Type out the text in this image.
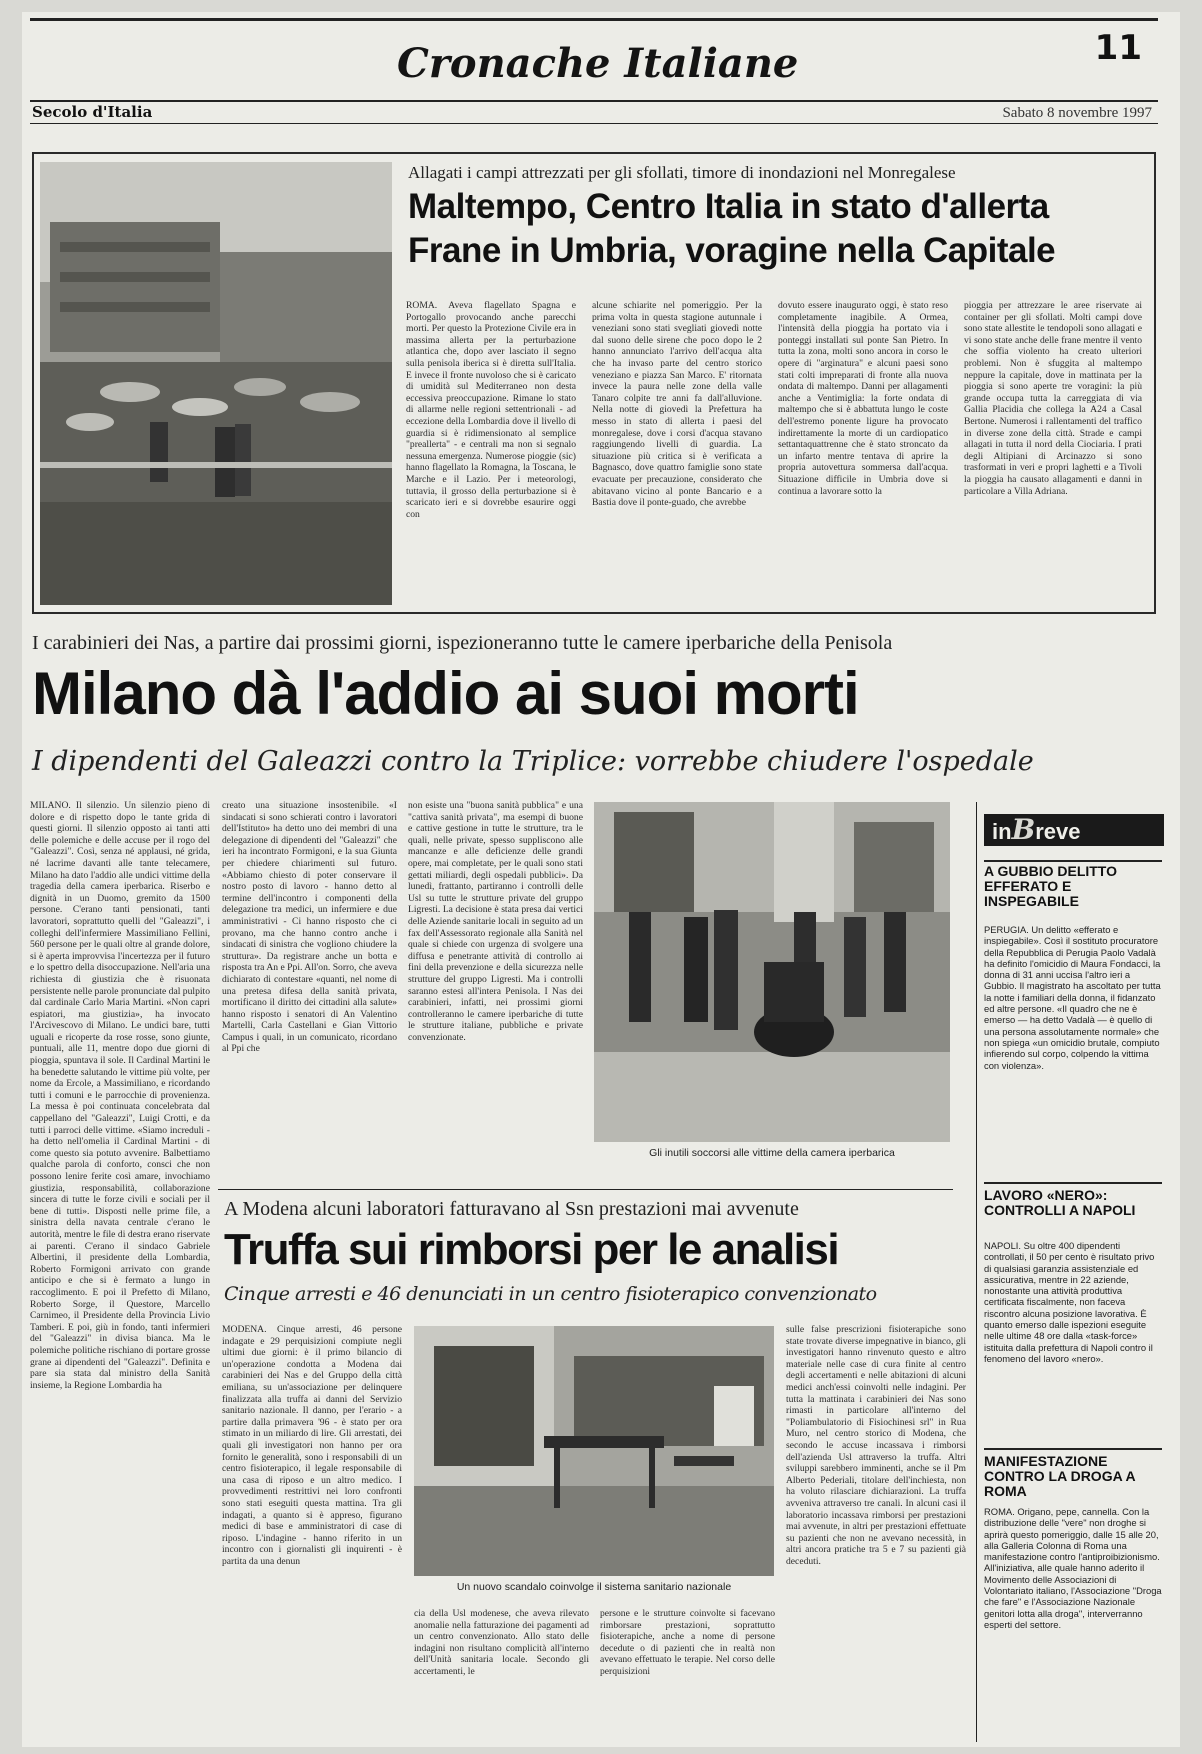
Cronache Italiane	11
Secolo d'Italia	Sabato 8 novembre 1997
Allagati i campi attrezzati per gli sfollati, timore di inondazioni nel Monregalese
Maltempo, Centro Italia in stato d'allerta
Frane in Umbria, voragine nella Capitale
ROMA. Aveva flagellato Spagna e Portogallo provocando anche parecchi morti. Per questo la Protezione Civile era in massima allerta per la perturbazione atlantica che, dopo aver lasciato il segno sulla penisola iberica si è diretta sull'Italia. E invece il fronte nuvoloso che si è caricato di umidità sul Mediterraneo non desta eccessiva preoccupazione. Rimane lo stato di allarme nelle regioni settentrionali - ad eccezione della Lombardia dove il livello di guardia si è ridimensionato al semplice "preallerta" - e centrali ma non si segnalo nessuna emergenza. Numerose pioggie (sic) hanno flagellato la Romagna, la Toscana, le Marche e il Lazio. Per i meteorologi, tuttavia, il grosso della perturbazione si è scaricato ieri e si dovrebbe esaurire oggi con
alcune schiarite nel pomeriggio. Per la prima volta in questa stagione autunnale i veneziani sono stati svegliati giovedì notte dal suono delle sirene che poco dopo le 2 hanno annunciato l'arrivo dell'acqua alta che ha invaso parte del centro storico veneziano e piazza San Marco. E' ritornata invece la paura nelle zone della valle Tanaro colpite tre anni fa dall'alluvione. Nella notte di giovedì la Prefettura ha messo in stato di allerta i paesi del monregalese, dove i corsi d'acqua stavano raggiungendo livelli di guardia. La situazione più critica si è verificata a Bagnasco, dove quattro famiglie sono state evacuate per precauzione, considerato che abitavano vicino al ponte Bancario e a Bastia dove il ponte-guado, che avrebbe
dovuto essere inaugurato oggi, è stato reso completamente inagibile. A Ormea, l'intensità della pioggia ha portato via i ponteggi installati sul ponte San Pietro. In tutta la zona, molti sono ancora in corso le opere di "arginatura" e alcuni paesi sono stati colti impreparati di fronte alla nuova ondata di maltempo. Danni per allagamenti anche a Ventimiglia: la forte ondata di maltempo che si è abbattuta lungo le coste dell'estremo ponente ligure ha provocato indirettamente la morte di un cardiopatico settantaquattrenne che è stato stroncato da un infarto mentre tentava di aprire la propria autovettura sommersa dall'acqua. Situazione difficile in Umbria dove si continua a lavorare sotto la
pioggia per attrezzare le aree riservate ai container per gli sfollati. Molti campi dove sono state allestite le tendopoli sono allagati e vi sono state anche delle frane mentre il vento che soffia violento ha creato ulteriori problemi. Non è sfuggita al maltempo neppure la capitale, dove in mattinata per la pioggia si sono aperte tre voragini: la più grande occupa tutta la carreggiata di via Gallia Placidia che collega la A24 a Casal Bertone. Numerosi i rallentamenti del traffico in diverse zone della città. Strade e campi allagati in tutta il nord della Ciociaria. I prati degli Altipiani di Arcinazzo si sono trasformati in veri e propri laghetti e a Tivoli la pioggia ha causato allagamenti e danni in particolare a Villa Adriana.
I carabinieri dei Nas, a partire dai prossimi giorni, ispezioneranno tutte le camere iperbariche della Penisola
Milano dà l'addio ai suoi morti
I dipendenti del Galeazzi contro la Triplice: vorrebbe chiudere l'ospedale
MILANO. Il silenzio. Un silenzio pieno di dolore e di rispetto dopo le tante grida di questi giorni. Il silenzio opposto ai tanti atti delle polemiche e delle accuse per il rogo del "Galeazzi". Così, senza né applausi, né grida, né lacrime davanti alle tante telecamere, Milano ha dato l'addio alle undici vittime della tragedia della camera iperbarica. Riserbo e dignità in un Duomo, gremito da 1500 persone. C'erano tanti pensionati, tanti lavoratori, soprattutto quelli del "Galeazzi", i colleghi dell'infermiere Massimiliano Fellini, 560 persone per le quali oltre al grande dolore, si è aperta improvvisa l'incertezza per il futuro e lo spettro della disoccupazione. Nell'aria una richiesta di giustizia che è risuonata persistente nelle parole pronunciate dal pulpito dal cardinale Carlo Maria Martini. «Non capri espiatori, ma giustizia», ha invocato l'Arcivescovo di Milano. Le undici bare, tutti uguali e ricoperte da rose rosse, sono giunte, puntuali, alle 11, mentre dopo due giorni di pioggia, spuntava il sole. Il Cardinal Martini le ha benedette salutando le vittime più volte, per nome da Ercole, a Massimiliano, e ricordando tutti i comuni e le parrocchie di provenienza. La messa è poi continuata concelebrata dal cappellano del "Galeazzi", Luigi Crotti, e da tutti i parroci delle vittime. «Siamo increduli - ha detto nell'omelia il Cardinal Martini - di come questo sia potuto avvenire. Balbettiamo qualche parola di conforto, consci che non possono lenire ferite così amare, invochiamo giustizia, responsabilità, collaborazione sincera di tutte le forze civili e sociali per il bene di tutti». Disposti nelle prime file, a sinistra della navata centrale c'erano le autorità, mentre le file di destra erano riservate ai parenti. C'erano il sindaco Gabriele Albertini, il presidente della Lombardia, Roberto Formigoni arrivato con grande anticipo e che si è fermato a lungo in raccoglimento. E poi il Prefetto di Milano, Roberto Sorge, il Questore, Marcello Carnimeo, il Presidente della Provincia Livio Tamberi. E poi, giù in fondo, tanti infermieri del "Galeazzi" in divisa bianca. Ma le polemiche politiche rischiano di portare grosse grane ai dipendenti del "Galeazzi". Definita e pare sia stata dal ministro della Sanità insieme, la Regione Lombardia ha
creato una situazione insostenibile. «I sindacati si sono schierati contro i lavoratori dell'Istituto» ha detto uno dei membri di una delegazione di dipendenti del "Galeazzi" che ieri ha incontrato Formigoni, e la sua Giunta per chiedere chiarimenti sul futuro. «Abbiamo chiesto di poter conservare il nostro posto di lavoro - hanno detto al termine dell'incontro i componenti della delegazione tra medici, un infermiere e due amministrativi - Ci hanno risposto che ci provano, ma che hanno contro anche i sindacati di sinistra che vogliono chiudere la struttura». Da registrare anche un botta e risposta tra An e Ppi. All'on. Sorro, che aveva dichiarato di contestare «quanti, nel nome di una pretesa difesa della sanità privata, mortificano il diritto dei cittadini alla salute» hanno risposto i senatori di An Valentino Martelli, Carla Castellani e Gian Vittorio Campus i quali, in un comunicato, ricordano al Ppi che
non esiste una "buona sanità pubblica" e una "cattiva sanità privata", ma esempi di buone e cattive gestione in tutte le strutture, tra le quali, nelle private, spesso suppliscono alle mancanze e alle deficienze delle grandi opere, mai completate, per le quali sono stati gettati miliardi, degli ospedali pubblici». Da lunedì, frattanto, partiranno i controlli delle Usl su tutte le strutture private del gruppo Ligresti. La decisione è stata presa dai vertici delle Aziende sanitarie locali in seguito ad un fax dell'Assessorato regionale alla Sanità nel quale si chiede con urgenza di svolgere una diffusa e penetrante attività di controllo ai fini della prevenzione e della sicurezza nelle strutture del gruppo Ligresti. Ma i controlli saranno estesi all'intera Penisola. I Nas dei carabinieri, infatti, nei prossimi giorni controlleranno le camere iperbariche di tutte le strutture italiane, pubbliche e private convenzionate.
Gli inutili soccorsi alle vittime della camera iperbarica
inBreve

A GUBBIO DELITTO EFFERATO E INSPEGABILE

PERUGIA. Un delitto «efferato e inspiegabile». Così il sostituto procuratore della Repubblica di Perugia Paolo Vadalà ha definito l'omicidio di Maura Fondacci, la donna di 31 anni uccisa l'altro ieri a Gubbio. Il magistrato ha ascoltato per tutta la notte i familiari della donna, il fidanzato ed altre persone. «Il quadro che ne è emerso — ha detto Vadalà — è quello di una persona assolutamente normale» che non spiega «un omicidio brutale, compiuto infierendo sul corpo, colpendo la vittima con violenza».

LAVORO «NERO»: CONTROLLI A NAPOLI

NAPOLI. Su oltre 400 dipendenti controllati, il 50 per cento è risultato privo di qualsiasi garanzia assistenziale ed assicurativa, mentre in 22 aziende, nonostante una attività produttiva certificata fiscalmente, non faceva riscontro alcuna posizione lavorativa. È quanto emerso dalle ispezioni eseguite nelle ultime 48 ore dalla «task-force» istituita dalla prefettura di Napoli contro il fenomeno del lavoro «nero».

MANIFESTAZIONE CONTRO LA DROGA A ROMA

ROMA. Origano, pepe, cannella. Con la distribuzione delle "vere" non droghe si aprirà questo pomeriggio, dalle 15 alle 20, alla Galleria Colonna di Roma una manifestazione contro l'antiproibizionismo. All'iniziativa, alle quale hanno aderito il Movimento delle Associazioni di Volontariato italiano, l'Associazione "Droga che fare" e l'Associazione Nazionale genitori lotta alla droga", interverranno esperti del settore.
A Modena alcuni laboratori fatturavano al Ssn prestazioni mai avvenute
Truffa sui rimborsi per le analisi
Cinque arresti e 46 denunciati in un centro fisioterapico convenzionato
MODENA. Cinque arresti, 46 persone indagate e 29 perquisizioni compiute negli ultimi due giorni: è il primo bilancio di un'operazione condotta a Modena dai carabinieri dei Nas e del Gruppo della città emiliana, su un'associazione per delinquere finalizzata alla truffa ai danni del Servizio sanitario nazionale. Il danno, per l'erario - a partire dalla primavera '96 - è stato per ora stimato in un miliardo di lire. Gli arrestati, dei quali gli investigatori non hanno per ora fornito le generalità, sono i responsabili di un centro fisioterapico, il legale responsabile di una casa di riposo e un altro medico. I provvedimenti restrittivi nei loro confronti sono stati eseguiti questa mattina. Tra gli indagati, a quanto si è appreso, figurano medici di base e amministratori di case di riposo. L'indagine - hanno riferito in un incontro con i giornalisti gli inquirenti - è partita da una denun
Un nuovo scandalo coinvolge il sistema sanitario nazionale
cia della Usl modenese, che aveva rilevato anomalie nella fatturazione dei pagamenti ad un centro convenzionato. Allo stato delle indagini non risultano complicità all'interno dell'Unità sanitaria locale. Secondo gli accertamenti, le
persone e le strutture coinvolte si facevano rimborsare prestazioni, soprattutto fisioterapiche, anche a nome di persone decedute o di pazienti che in realtà non avevano effettuato le terapie. Nel corso delle perquisizioni
sulle false prescrizioni fisioterapiche sono state trovate diverse impegnative in bianco, gli investigatori hanno rinvenuto questo e altro materiale nelle case di cura finite al centro degli accertamenti e nelle abitazioni di alcuni medici anch'essi coinvolti nelle indagini. Per tutta la mattinata i carabinieri dei Nas sono rimasti in particolare all'interno del "Poliambulatorio di Fisiochinesi srl" in Rua Muro, nel centro storico di Modena, che secondo le accuse incassava i rimborsi dell'azienda Usl attraverso la truffa. Altri sviluppi sarebbero imminenti, anche se il Pm Alberto Pederiali, titolare dell'inchiesta, non ha voluto rilasciare dichiarazioni. La truffa avveniva attraverso tre canali. In alcuni casi il laboratorio incassava rimborsi per prestazioni mai avvenute, in altri per prestazioni effettuate su pazienti che non ne avevano necessità, in altri ancora pratiche tra 5 e 7 su pazienti già deceduti.
